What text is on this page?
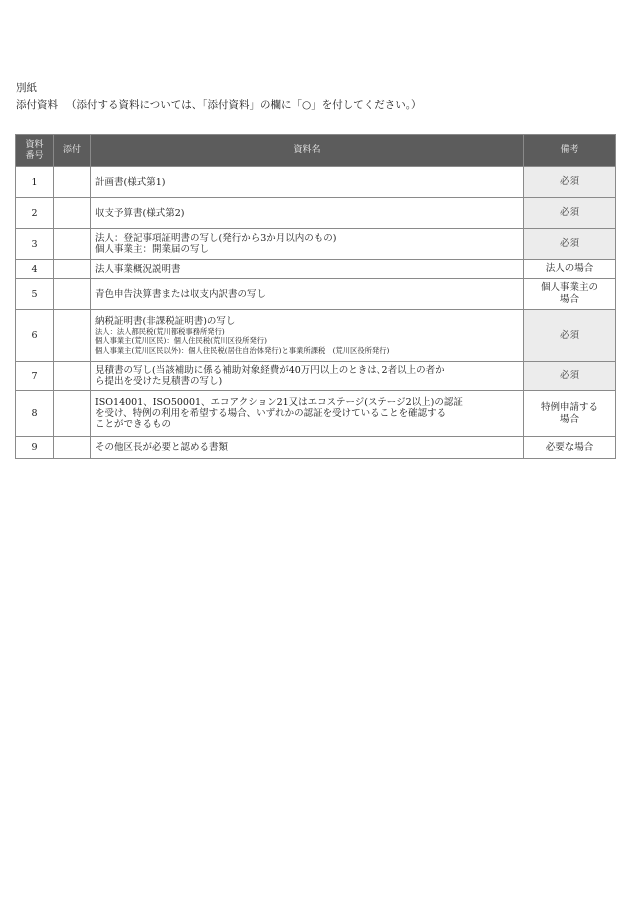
別紙
添付資料 （添付する資料については、「添付資料」の欄に「○」を付してください。）
資料
番号	添付	資料名	備考
1		計画書(様式第1)	必須
2		収支予算書(様式第2)	必須
3		法人：登記事項証明書の写し(発行から3か月以内のもの)
個人事業主：開業届の写し	必須
4		法人事業概況説明書	法人の場合
5		青色申告決算書または収支内訳書の写し	個人事業主の
場合

6		納税証明書(非課税証明書)の写し
法人：法人都民税(荒川都税事務所発行)
個人事業主(荒川区民)：個人住民税(荒川区役所発行)
個人事業主(荒川区民以外)：個人住民税(居住自治体発行)と事業所課税　(荒川区役所発行)	必須
7		見積書の写し(当該補助に係る補助対象経費が40万円以上のときは､2者以上の者か
ら提出を受けた見積書の写し)	必須
8		ISO14001、ISO50001、エコアクション21又はエコステージ(ステージ2以上)の認証
を受け、特例の利用を希望する場合、いずれかの認証を受けていることを確認する
ことができるもの	特例申請する
場合

9		その他区長が必要と認める書類	必要な場合
